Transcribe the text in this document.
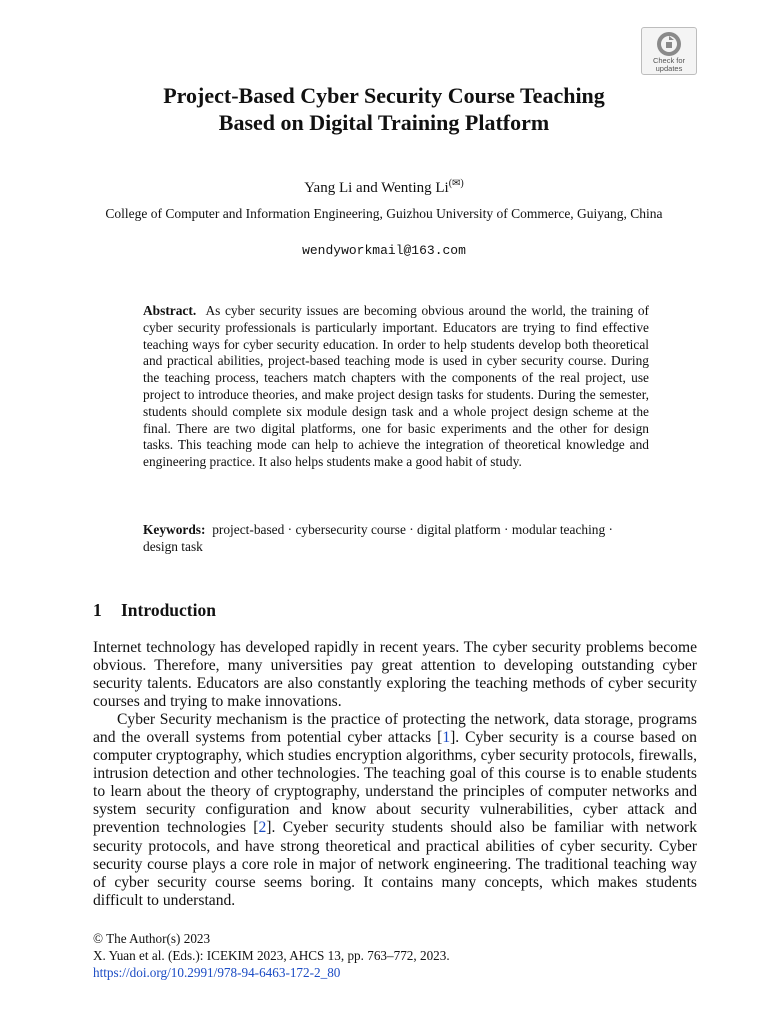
Check for updates
Project-Based Cyber Security Course Teaching
Based on Digital Training Platform
Yang Li and Wenting Li(✉)
College of Computer and Information Engineering, Guizhou University of Commerce, Guiyang, China
wendyworkmail@163.com

Abstract. As cyber security issues are becoming obvious around the world, the training of cyber security professionals is particularly important. Educators are trying to find effective teaching ways for cyber security education. In order to help students develop both theoretical and practical abilities, project-based teaching mode is used in cyber security course. During the teaching process, teachers match chapters with the components of the real project, use project to introduce theories, and make project design tasks for students. During the semester, students should complete six module design task and a whole project design scheme at the final. There are two digital platforms, one for basic experiments and the other for design tasks. This teaching mode can help to achieve the integration of theoretical knowledge and engineering practice. It also helps students make a good habit of study.

Keywords: project-based · cybersecurity course · digital platform · modular teaching · design task

1 Introduction

Internet technology has developed rapidly in recent years. The cyber security problems become obvious. Therefore, many universities pay great attention to developing outstanding cyber security talents. Educators are also constantly exploring the teaching methods of cyber security courses and trying to make innovations.

Cyber Security mechanism is the practice of protecting the network, data storage, programs and the overall systems from potential cyber attacks [1]. Cyber security is a course based on computer cryptography, which studies encryption algorithms, cyber security protocols, firewalls, intrusion detection and other technologies. The teaching goal of this course is to enable students to learn about the theory of cryptography, understand the principles of computer networks and system security configuration and know about security vulnerabilities, cyber attack and prevention technologies [2]. Cyeber security students should also be familiar with network security protocols, and have strong theoretical and practical abilities of cyber security. Cyber security course plays a core role in major of network engineering. The traditional teaching way of cyber security course seems boring. It contains many concepts, which makes students difficult to understand.

© The Author(s) 2023
X. Yuan et al. (Eds.): ICEKIM 2023, AHCS 13, pp. 763–772, 2023.
https://doi.org/10.2991/978-94-6463-172-2_80
